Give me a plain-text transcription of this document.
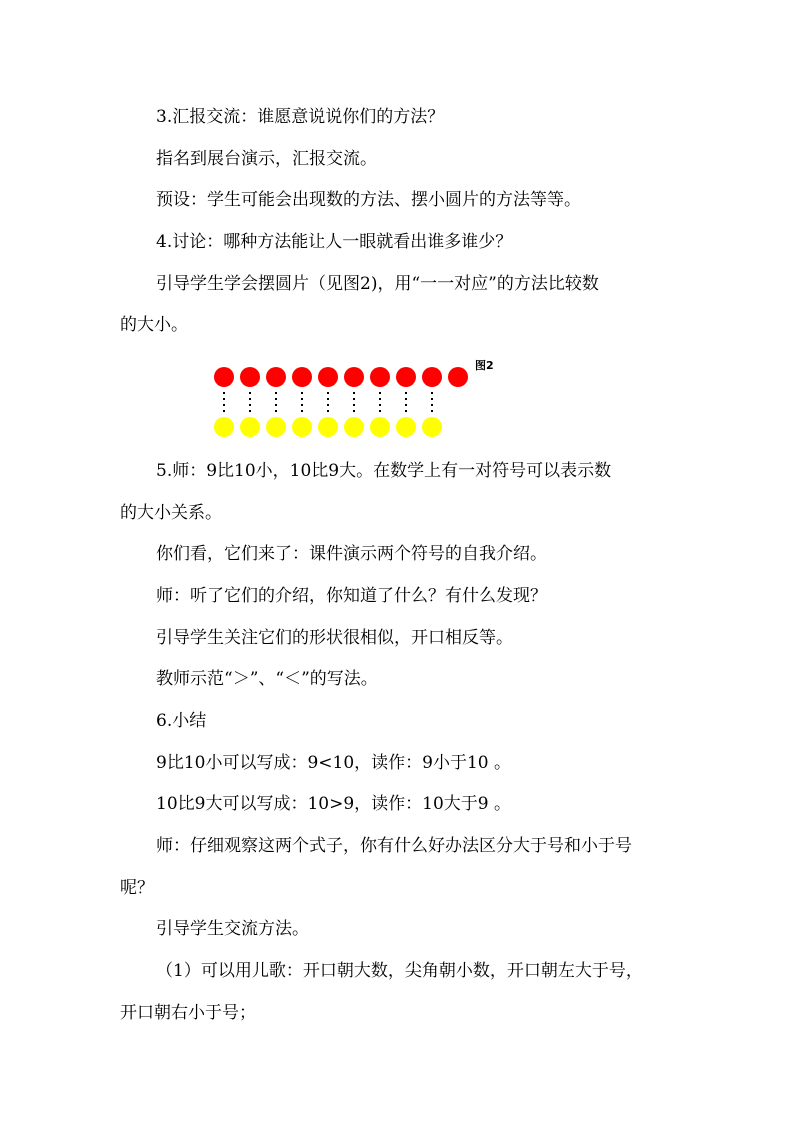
3.汇报交流：谁愿意说说你们的方法？
指名到展台演示，汇报交流。
预设：学生可能会出现数的方法、摆小圆片的方法等等。
4.讨论：哪种方法能让人一眼就看出谁多谁少？
引导学生学会摆圆片（见图2)，用“一一对应”的方法比较数
的大小。
图2
5.师：9比10小，10比9大。在数学上有一对符号可以表示数
的大小关系。
你们看，它们来了：课件演示两个符号的自我介绍。
师：听了它们的介绍，你知道了什么？有什么发现？
引导学生关注它们的形状很相似，开口相反等。
教师示范“＞”、“＜”的写法。
6.小结
9比10小可以写成：9<10，读作：9小于10 。
10比9大可以写成：10>9，读作：10大于9 。
师：仔细观察这两个式子，你有什么好办法区分大于号和小于号
呢？
引导学生交流方法。
（1）可以用儿歌：开口朝大数，尖角朝小数，开口朝左大于号，
开口朝右小于号；
